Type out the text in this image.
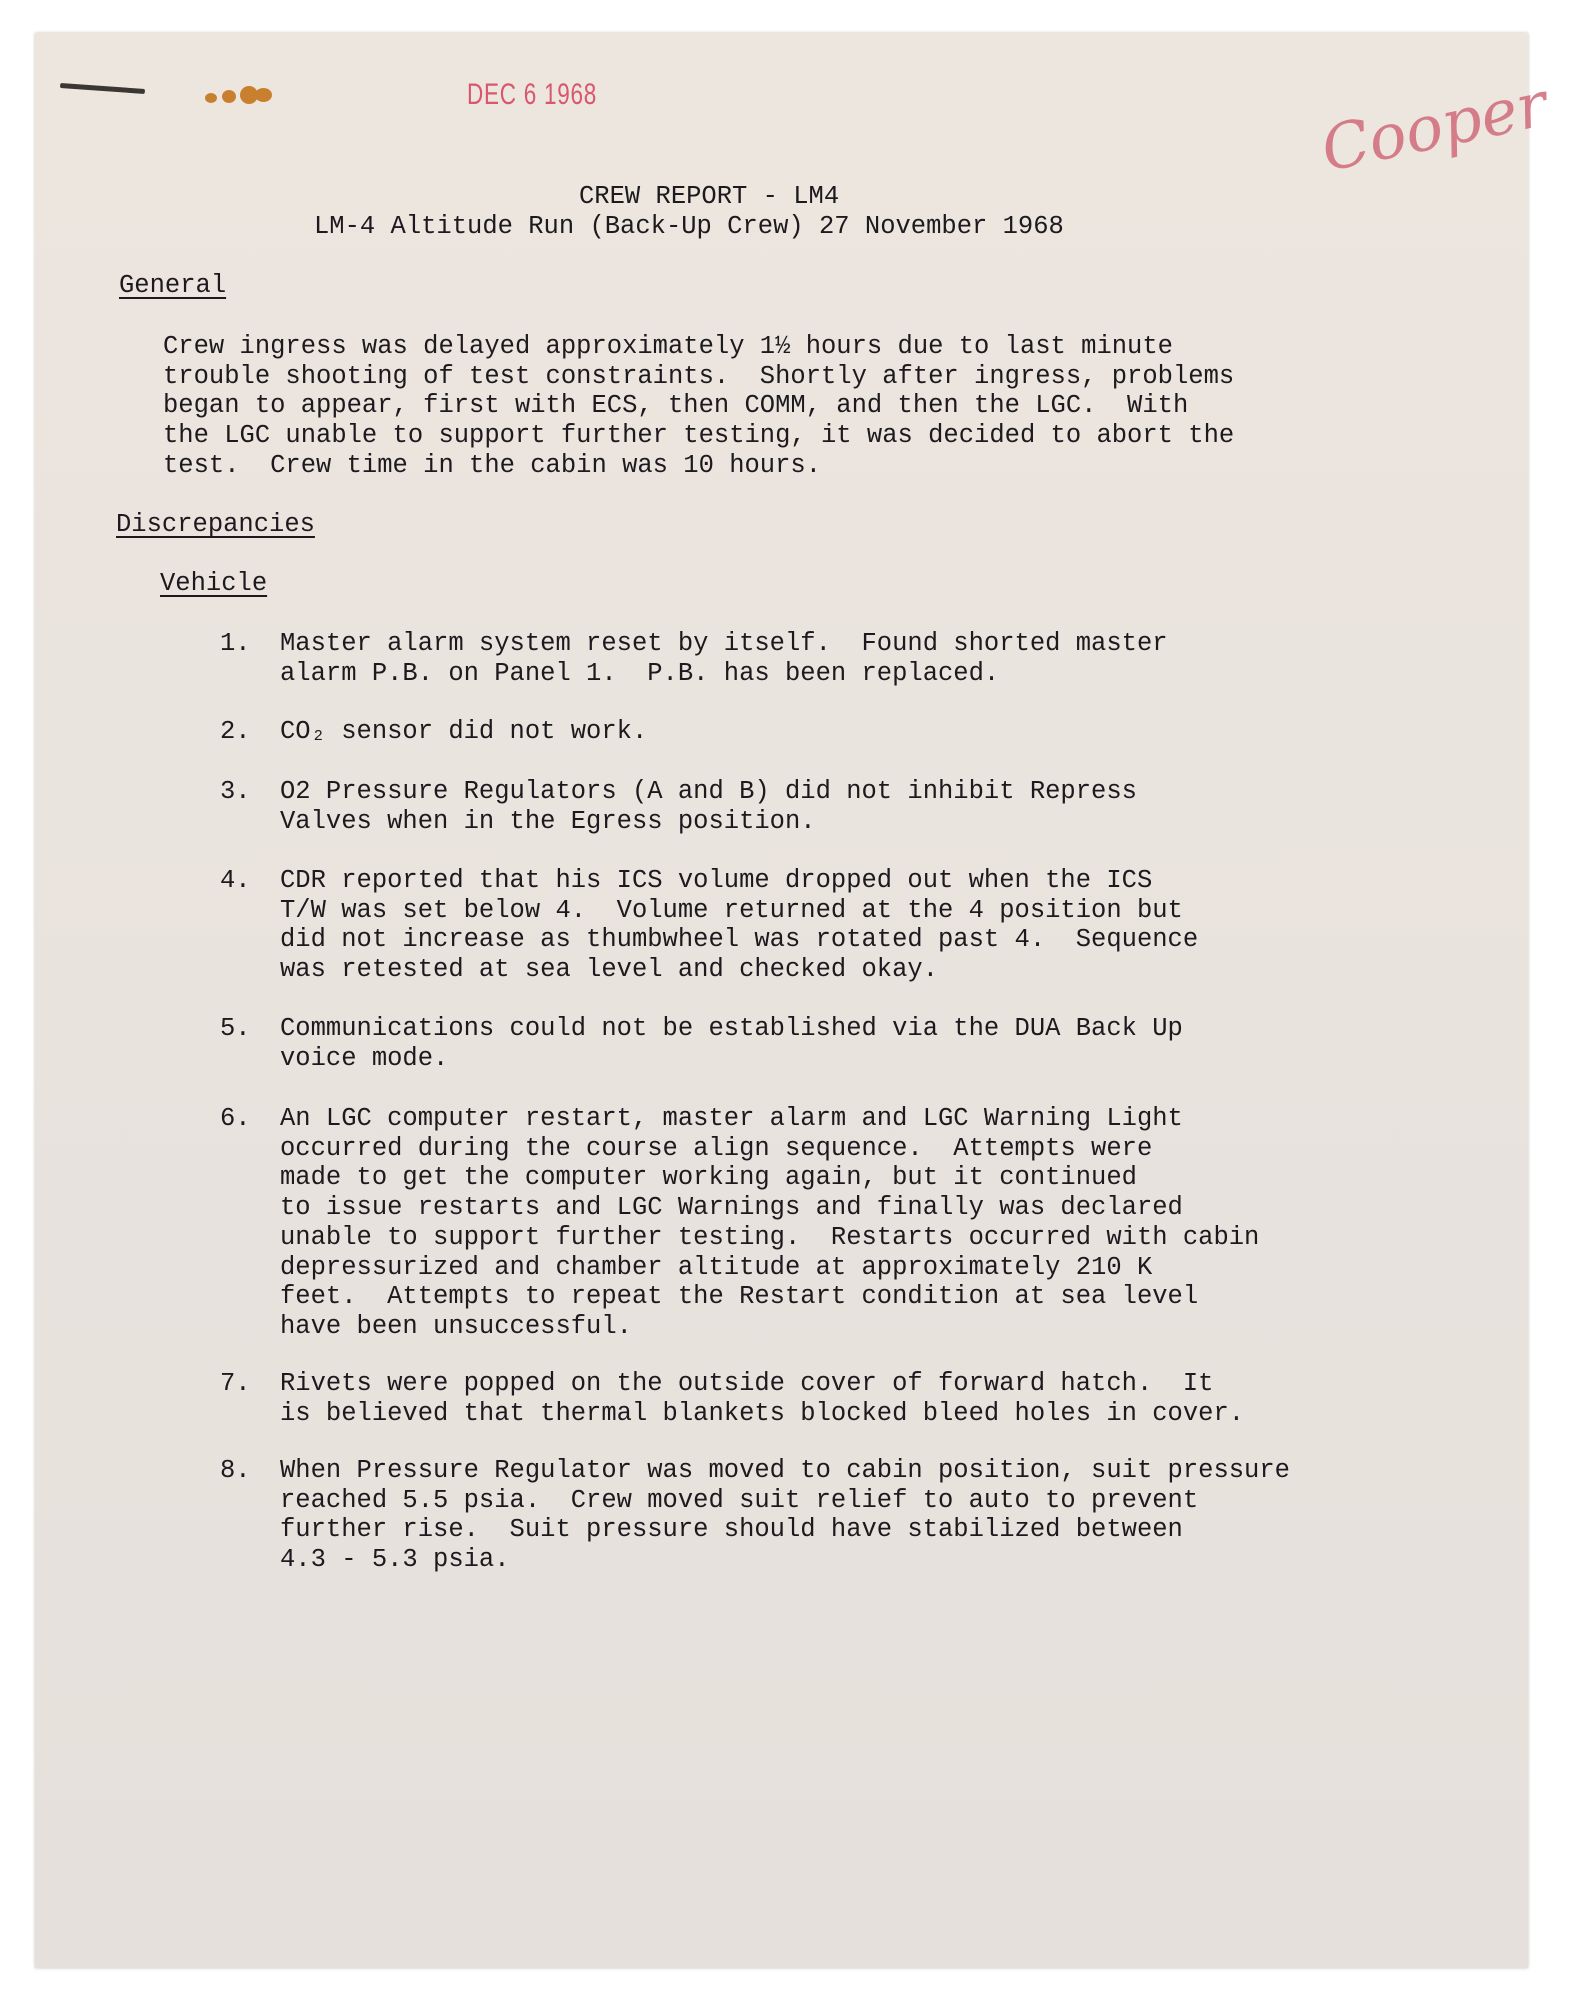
DEC 6 1968	Cooper
CREW REPORT - LM4
LM-4 Altitude Run (Back-Up Crew) 27 November 1968
General
Crew ingress was delayed approximately 1½ hours due to last minute
trouble shooting of test constraints.  Shortly after ingress, problems
began to appear, first with ECS, then COMM, and then the LGC.  With
the LGC unable to support further testing, it was decided to abort the
test.  Crew time in the cabin was 10 hours.
Discrepancies
Vehicle
1. Master alarm system reset by itself.  Found shorted master
alarm P.B. on Panel 1.  P.B. has been replaced.
2. CO₂ sensor did not work.
3. O2 Pressure Regulators (A and B) did not inhibit Repress
Valves when in the Egress position.
4. CDR reported that his ICS volume dropped out when the ICS
T/W was set below 4.  Volume returned at the 4 position but
did not increase as thumbwheel was rotated past 4.  Sequence
was retested at sea level and checked okay.
5. Communications could not be established via the DUA Back Up
voice mode.
6. An LGC computer restart, master alarm and LGC Warning Light
occurred during the course align sequence.  Attempts were
made to get the computer working again, but it continued
to issue restarts and LGC Warnings and finally was declared
unable to support further testing.  Restarts occurred with cabin
depressurized and chamber altitude at approximately 210 K
feet.  Attempts to repeat the Restart condition at sea level
have been unsuccessful.
7. Rivets were popped on the outside cover of forward hatch.  It
is believed that thermal blankets blocked bleed holes in cover.
8. When Pressure Regulator was moved to cabin position, suit pressure
reached 5.5 psia.  Crew moved suit relief to auto to prevent
further rise.  Suit pressure should have stabilized between
4.3 - 5.3 psia.
